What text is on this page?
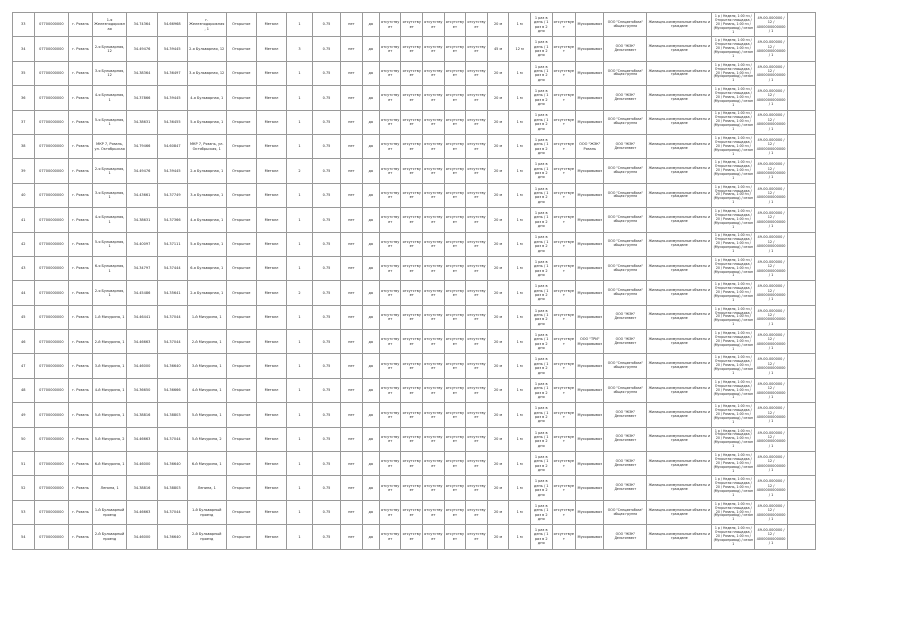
33	07700000000	г. Рязань	1-я Железнодорожная	34.74364	54.66968	г. Железнодорожная, 1	Открытое	Металл	1	0.75	нет	да	отсутствует	отсутствует	отсутствует	отсутствует	отсутствует	20 м	1 м	1 раз в день / 1 раз в 2 дня	отсутствует	Мусоровывоз	ООО "Спецавтобаза" общая группа	Жилищно-коммунальные объекты и граждане	1 р / Неделя, 1:00 нч / Открытая площадка / 20 / Рязань, 1:00 нч / (Мусоропровод) / сезон 1	49-00-000000 / 12 / 4000000000000 / 1	
34	07700000000	г. Рязань	2-я Бульварная, 12	34.49476	54.39445	2-я Бульварная, 12	Открытое	Металл	3	0.75	нет	да	отсутствует	отсутствует	отсутствует	отсутствует	отсутствует	45 м	12 м	1 раз в день / 1 раз в 2 дня	отсутствует	Мусоровывоз	ООО "ЖЭК" Дельтинвест	Жилищно-коммунальные объекты и граждане	1 р / Неделя, 1:00 нч / Открытая площадка / 20 / Рязань, 1:00 нч / (Мусоропровод) / сезон 1	49-00-000000 / 12 / 4000000000000 / 1	
35	07700000000	г. Рязань	3-я Бульварная, 12	34.38364	54.36497	3-я Бульварная, 12	Открытое	Металл	1	0.75	нет	да	отсутствует	отсутствует	отсутствует	отсутствует	отсутствует	20 м	1 м	1 раз в день / 1 раз в 2 дня	отсутствует	Мусоровывоз	ООО "Спецавтобаза" общая группа	Жилищно-коммунальные объекты и граждане	1 р / Неделя, 1:00 нч / Открытая площадка / 20 / Рязань, 1:00 нч / (Мусоропровод) / сезон 1	49-00-000000 / 12 / 4000000000000 / 1	
36	07700000000	г. Рязань	4-я Бульварная, 1	34.37866	54.39445	4-я Бульварная, 1	Открытое	Металл	1	0.75	нет	да	отсутствует	отсутствует	отсутствует	отсутствует	отсутствует	20 м	1 м	1 раз в день / 1 раз в 2 дня	отсутствует	Мусоровывоз	ООО "ЖЭК" Дельтинвест	Жилищно-коммунальные объекты и граждане	1 р / Неделя, 1:00 нч / Открытая площадка / 20 / Рязань, 1:00 нч / (Мусоропровод) / сезон 1	49-00-000000 / 12 / 4000000000000 / 1	
37	07700000000	г. Рязань	5-я Бульварная, 1	34.38631	54.36455	5-я Бульварная, 1	Открытое	Металл	1	0.75	нет	да	отсутствует	отсутствует	отсутствует	отсутствует	отсутствует	20 м	1 м	1 раз в день / 1 раз в 2 дня	отсутствует	Мусоровывоз	ООО "Спецавтобаза" общая группа	Жилищно-коммунальные объекты и граждане	1 р / Неделя, 1:00 нч / Открытая площадка / 20 / Рязань, 1:00 нч / (Мусоропровод) / сезон 1	49-00-000000 / 12 / 4000000000000 / 1	
38	07700000000	г. Рязань	МКР 7, Рязань, ул. Октябрьская	34.79466	54.60847	МКР 7, Рязань, ул. Октябрьская, 1	Открытое	Металл	1	0.75	нет	да	отсутствует	отсутствует	отсутствует	отсутствует	отсутствует	20 м	1 м	1 раз в день / 1 раз в 2 дня	отсутствует	ООО "ЖЭК" Рязань	ООО "ЖЭК" Дельтинвест	Жилищно-коммунальные объекты и граждане	1 р / Неделя, 1:00 нч / Открытая площадка / 20 / Рязань, 1:00 нч / (Мусоропровод) / сезон 1	49-00-000000 / 12 / 4000000000000 / 1	
39	07700000000	г. Рязань	2-я Бульварная, 1	34.49476	54.39445	2-я Бульварная, 1	Открытое	Металл	2	0.75	нет	да	отсутствует	отсутствует	отсутствует	отсутствует	отсутствует	20 м	1 м	1 раз в день / 1 раз в 2 дня	отсутствует	Мусоровывоз	ООО "Спецавтобаза" общая группа	Жилищно-коммунальные объекты и граждане	1 р / Неделя, 1:00 нч / Открытая площадка / 20 / Рязань, 1:00 нч / (Мусоропровод) / сезон 1	49-00-000000 / 12 / 4000000000000 / 1	
40	07700000000	г. Рязань	3-я Бульварная, 1	34.43661	54.37749	3-я Бульварная, 1	Открытое	Металл	1	0.75	нет	да	отсутствует	отсутствует	отсутствует	отсутствует	отсутствует	20 м	1 м	1 раз в день / 1 раз в 2 дня	отсутствует	Мусоровывоз	ООО "Спецавтобаза" общая группа	Жилищно-коммунальные объекты и граждане	1 р / Неделя, 1:00 нч / Открытая площадка / 20 / Рязань, 1:00 нч / (Мусоропровод) / сезон 1	49-00-000000 / 12 / 4000000000000 / 1	
41	07700000000	г. Рязань	4-я Бульварная, 1	34.38631	54.37366	4-я Бульварная, 1	Открытое	Металл	1	0.75	нет	да	отсутствует	отсутствует	отсутствует	отсутствует	отсутствует	20 м	1 м	1 раз в день / 1 раз в 2 дня	отсутствует	Мусоровывоз	ООО "Спецавтобаза" общая группа	Жилищно-коммунальные объекты и граждане	1 р / Неделя, 1:00 нч / Открытая площадка / 20 / Рязань, 1:00 нч / (Мусоропровод) / сезон 1	49-00-000000 / 12 / 4000000000000 / 1	
42	07700000000	г. Рязань	5-я Бульварная, 1	34.40097	54.37111	5-я Бульварная, 1	Открытое	Металл	1	0.75	нет	да	отсутствует	отсутствует	отсутствует	отсутствует	отсутствует	20 м	1 м	1 раз в день / 1 раз в 2 дня	отсутствует	Мусоровывоз	ООО "Спецавтобаза" общая группа	Жилищно-коммунальные объекты и граждане	1 р / Неделя, 1:00 нч / Открытая площадка / 20 / Рязань, 1:00 нч / (Мусоропровод) / сезон 1	49-00-000000 / 12 / 4000000000000 / 1	
43	07700000000	г. Рязань	6-я Бульварная, 1	34.34797	54.37444	6-я Бульварная, 1	Открытое	Металл	1	0.75	нет	да	отсутствует	отсутствует	отсутствует	отсутствует	отсутствует	20 м	1 м	1 раз в день / 1 раз в 2 дня	отсутствует	Мусоровывоз	ООО "Спецавтобаза" общая группа	Жилищно-коммунальные объекты и граждане	1 р / Неделя, 1:00 нч / Открытая площадка / 20 / Рязань, 1:00 нч / (Мусоропровод) / сезон 1	49-00-000000 / 12 / 4000000000000 / 1	
44	07700000000	г. Рязань	2-я Бульварная, 1	34.45486	54.35641	2-я Бульварная, 1	Открытое	Металл	2	0.75	нет	да	отсутствует	отсутствует	отсутствует	отсутствует	отсутствует	20 м	1 м	1 раз в день / 1 раз в 2 дня	отсутствует	Мусоровывоз	ООО "Спецавтобаза" общая группа	Жилищно-коммунальные объекты и граждане	1 р / Неделя, 1:00 нч / Открытая площадка / 20 / Рязань, 1:00 нч / (Мусоропровод) / сезон 1	49-00-000000 / 12 / 4000000000000 / 1	
45	07700000000	г. Рязань	1-й Мичурина, 1	34.46441	54.37044	1-й Мичурина, 1	Открытое	Металл	1	0.75	нет	да	отсутствует	отсутствует	отсутствует	отсутствует	отсутствует	20 м	1 м	1 раз в день / 1 раз в 2 дня	отсутствует	Мусоровывоз	ООО "ЖЭК" Дельтинвест	Жилищно-коммунальные объекты и граждане	1 р / Неделя, 1:00 нч / Открытая площадка / 20 / Рязань, 1:00 нч / (Мусоропровод) / сезон 1	49-00-000000 / 12 / 4000000000000 / 1	
46	07700000000	г. Рязань	2-й Мичурина, 1	34.46663	54.37044	2-й Мичурина, 1	Открытое	Металл	1	0.75	нет	да	отсутствует	отсутствует	отсутствует	отсутствует	отсутствует	20 м	1 м	1 раз в день / 1 раз в 2 дня	отсутствует	ООО "ТРИ" Мусоровывоз	ООО "ЖЭК" Дельтинвест	Жилищно-коммунальные объекты и граждане	1 р / Неделя, 1:00 нч / Открытая площадка / 20 / Рязань, 1:00 нч / (Мусоропровод) / сезон 1	49-00-000000 / 12 / 4000000000000 / 1	
47	07700000000	г. Рязань	3-й Мичурина, 1	34.46000	54.36640	3-й Мичурина, 1	Открытое	Металл	1	0.75	нет	да	отсутствует	отсутствует	отсутствует	отсутствует	отсутствует	20 м	1 м	1 раз в день / 1 раз в 2 дня	отсутствует	Мусоровывоз	ООО "Спецавтобаза" общая группа	Жилищно-коммунальные объекты и граждане	1 р / Неделя, 1:00 нч / Открытая площадка / 20 / Рязань, 1:00 нч / (Мусоропровод) / сезон 1	49-00-000000 / 12 / 4000000000000 / 1	
48	07700000000	г. Рязань	4-й Мичурина, 1	34.36650	54.36666	4-й Мичурина, 1	Открытое	Металл	1	0.75	нет	да	отсутствует	отсутствует	отсутствует	отсутствует	отсутствует	20 м	1 м	1 раз в день / 1 раз в 2 дня	отсутствует	Мусоровывоз	ООО "Спецавтобаза" общая группа	Жилищно-коммунальные объекты и граждане	1 р / Неделя, 1:00 нч / Открытая площадка / 20 / Рязань, 1:00 нч / (Мусоропровод) / сезон 1	49-00-000000 / 12 / 4000000000000 / 1	
49	07700000000	г. Рязань	5-й Мичурина, 1	34.38816	54.38803	5-й Мичурина, 1	Открытое	Металл	1	0.75	нет	да	отсутствует	отсутствует	отсутствует	отсутствует	отсутствует	20 м	1 м	1 раз в день / 1 раз в 2 дня	отсутствует	Мусоровывоз	ООО "ЖЭК" Дельтинвест	Жилищно-коммунальные объекты и граждане	1 р / Неделя, 1:00 нч / Открытая площадка / 20 / Рязань, 1:00 нч / (Мусоропровод) / сезон 1	49-00-000000 / 12 / 4000000000000 / 1	
50	07700000000	г. Рязань	5-й Мичурина, 2	34.46663	54.37044	5-й Мичурина, 2	Открытое	Металл	1	0.75	нет	да	отсутствует	отсутствует	отсутствует	отсутствует	отсутствует	20 м	1 м	1 раз в день / 1 раз в 2 дня	отсутствует	Мусоровывоз	ООО "ЖЭК" Дельтинвест	Жилищно-коммунальные объекты и граждане	1 р / Неделя, 1:00 нч / Открытая площадка / 20 / Рязань, 1:00 нч / (Мусоропровод) / сезон 1	49-00-000000 / 12 / 4000000000000 / 1	
51	07700000000	г. Рязань	6-й Мичурина, 1	34.46000	54.36640	6-й Мичурина, 1	Открытое	Металл	1	0.75	нет	да	отсутствует	отсутствует	отсутствует	отсутствует	отсутствует	20 м	1 м	1 раз в день / 1 раз в 2 дня	отсутствует	Мусоровывоз	ООО "ЖЭК" Дельтинвест	Жилищно-коммунальные объекты и граждане	1 р / Неделя, 1:00 нч / Открытая площадка / 20 / Рязань, 1:00 нч / (Мусоропровод) / сезон 1	49-00-000000 / 12 / 4000000000000 / 1	
52	07700000000	г. Рязань	Ленина, 1	34.38816	54.38803	Ленина, 1	Открытое	Металл	1	0.75	нет	да	отсутствует	отсутствует	отсутствует	отсутствует	отсутствует	20 м	1 м	1 раз в день / 1 раз в 2 дня	отсутствует	Мусоровывоз	ООО "ЖЭК" Дельтинвест	Жилищно-коммунальные объекты и граждане	1 р / Неделя, 1:00 нч / Открытая площадка / 20 / Рязань, 1:00 нч / (Мусоропровод) / сезон 1	49-00-000000 / 12 / 4000000000000 / 1	
53	07700000000	г. Рязань	1-й Бульварный проезд	34.46663	54.37044	1-й Бульварный проезд	Открытое	Металл	1	0.75	нет	да	отсутствует	отсутствует	отсутствует	отсутствует	отсутствует	20 м	1 м	1 раз в день / 1 раз в 2 дня	отсутствует	Мусоровывоз	ООО "Спецавтобаза" общая группа	Жилищно-коммунальные объекты и граждане	1 р / Неделя, 1:00 нч / Открытая площадка / 20 / Рязань, 1:00 нч / (Мусоропровод) / сезон 1	49-00-000000 / 12 / 4000000000000 / 1	
54	07700000000	г. Рязань	2-й Бульварный проезд	34.46000	54.36640	2-й Бульварный проезд	Открытое	Металл	1	0.75	нет	да	отсутствует	отсутствует	отсутствует	отсутствует	отсутствует	20 м	1 м	1 раз в день / 1 раз в 2 дня	отсутствует	Мусоровывоз	ООО "ЖЭК" Дельтинвест	Жилищно-коммунальные объекты и граждане	1 р / Неделя, 1:00 нч / Открытая площадка / 20 / Рязань, 1:00 нч / (Мусоропровод) / сезон 1	49-00-000000 / 12 / 4000000000000 / 1	
